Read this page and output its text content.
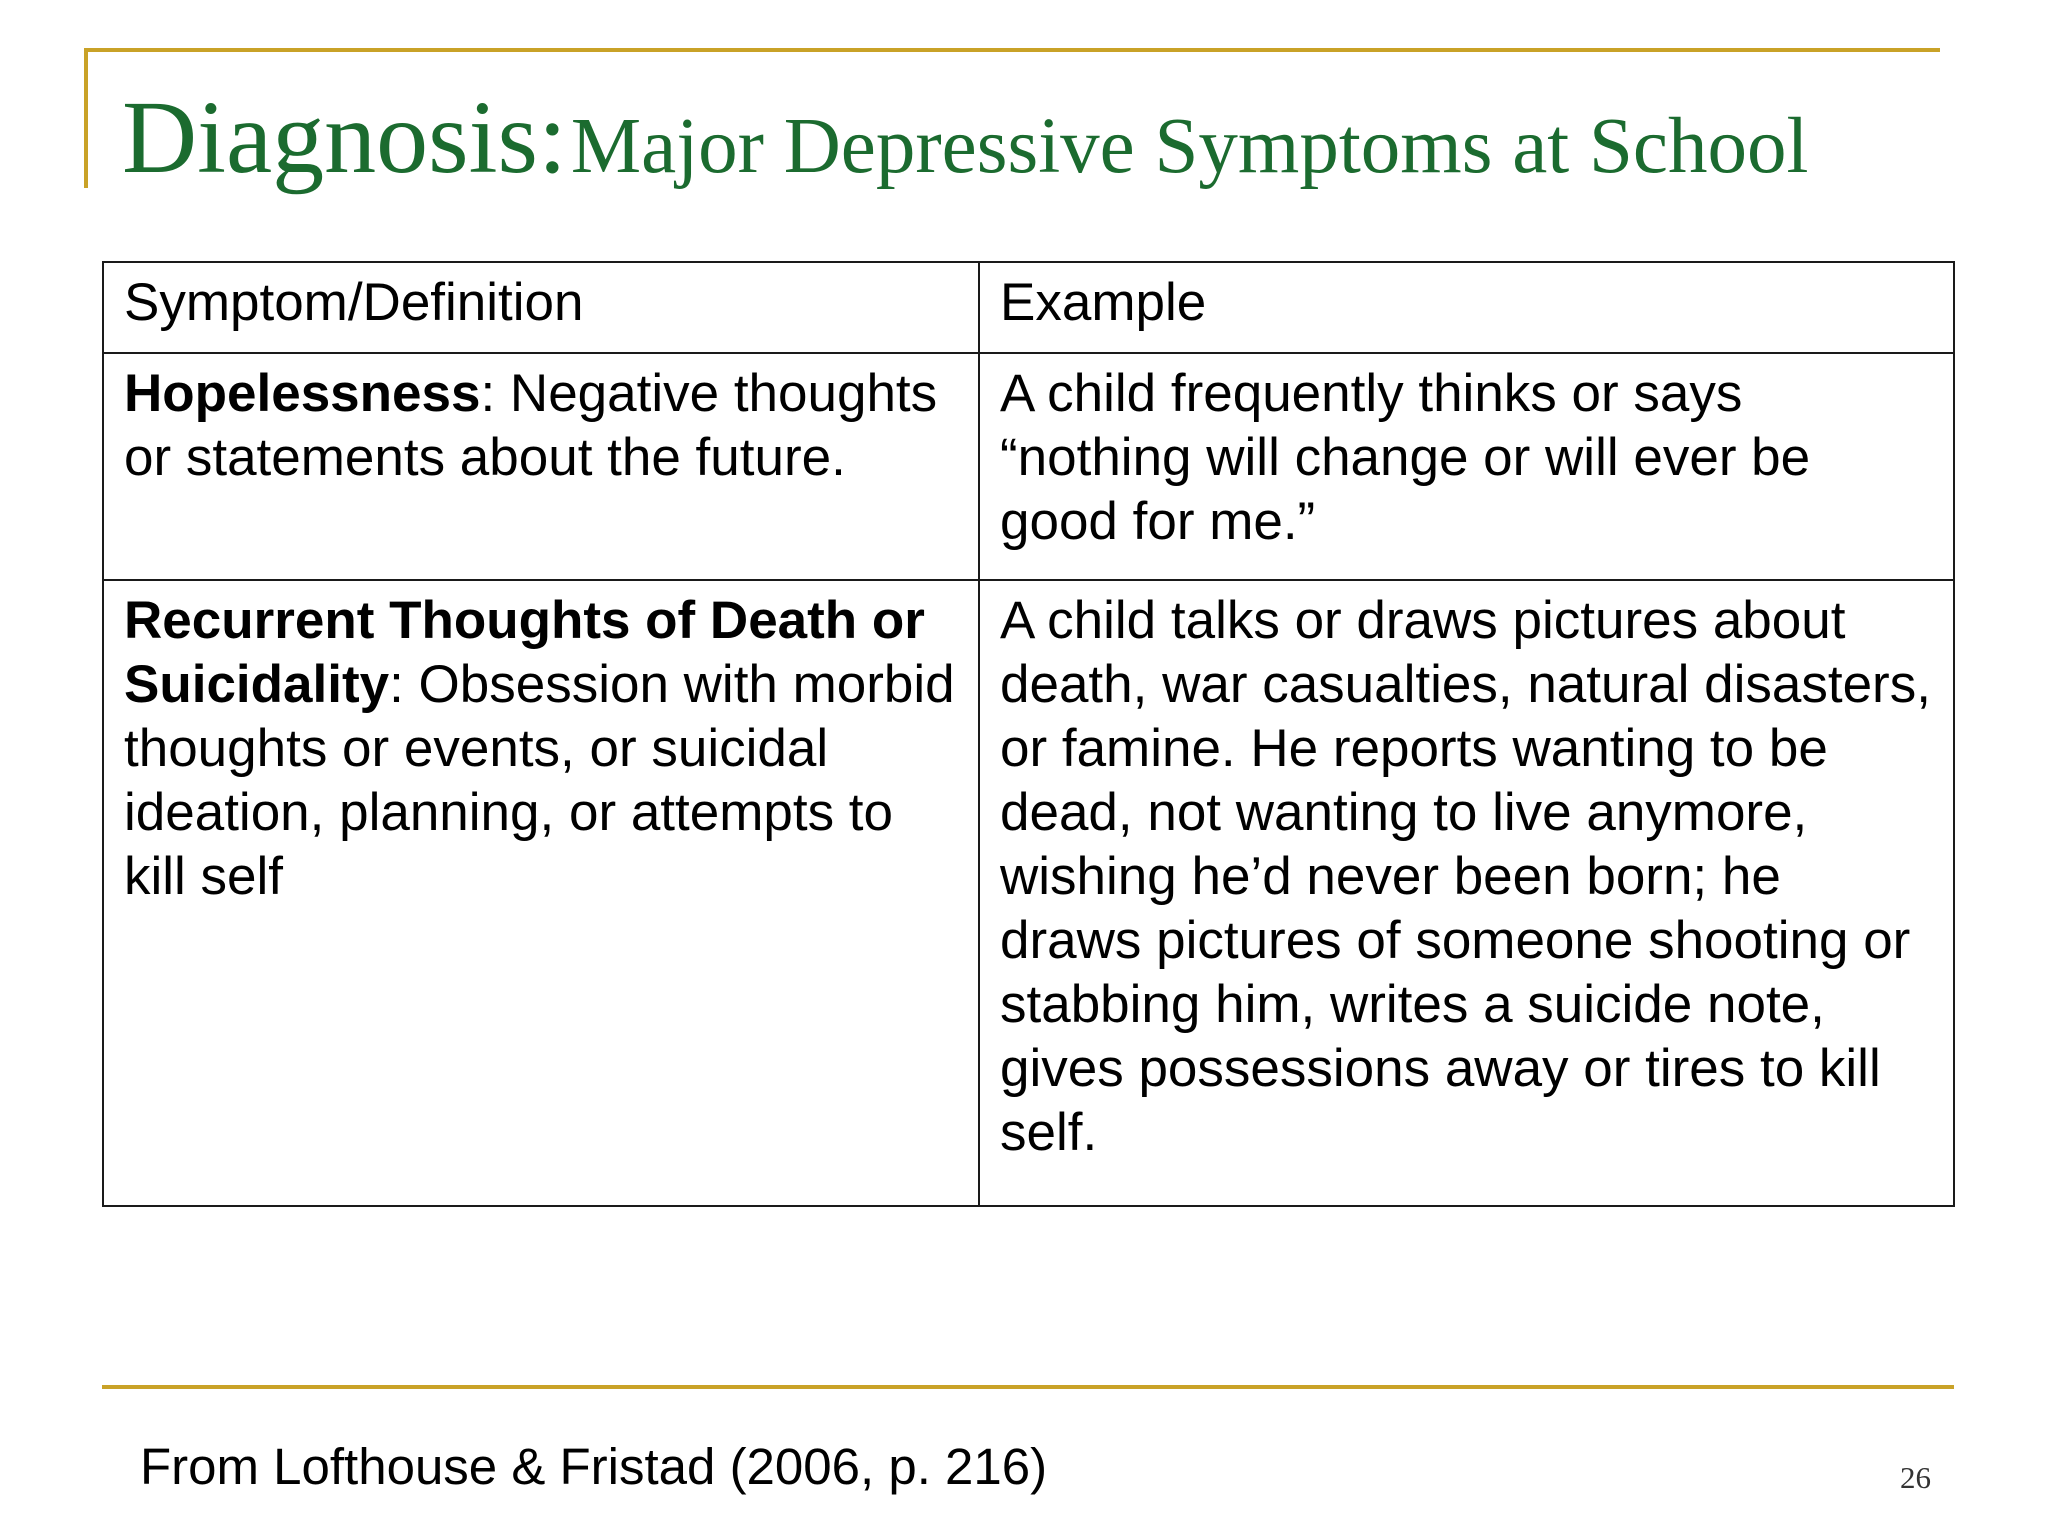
Diagnosis: Major Depressive Symptoms at School
Symptom/Definition	Example
Hopelessness: Negative thoughts or statements about the future.	A child frequently thinks or says “nothing will change or will ever be good for me.”
Recurrent Thoughts of Death or Suicidality: Obsession with morbid thoughts or events, or suicidal ideation, planning, or attempts to kill self	A child talks or draws pictures about death, war casualties, natural disasters, or famine. He reports wanting to be dead, not wanting to live anymore, wishing he’d never been born; he draws pictures of someone shooting or stabbing him, writes a suicide note, gives possessions away or tires to kill self.
From Lofthouse & Fristad (2006, p. 216)	26
